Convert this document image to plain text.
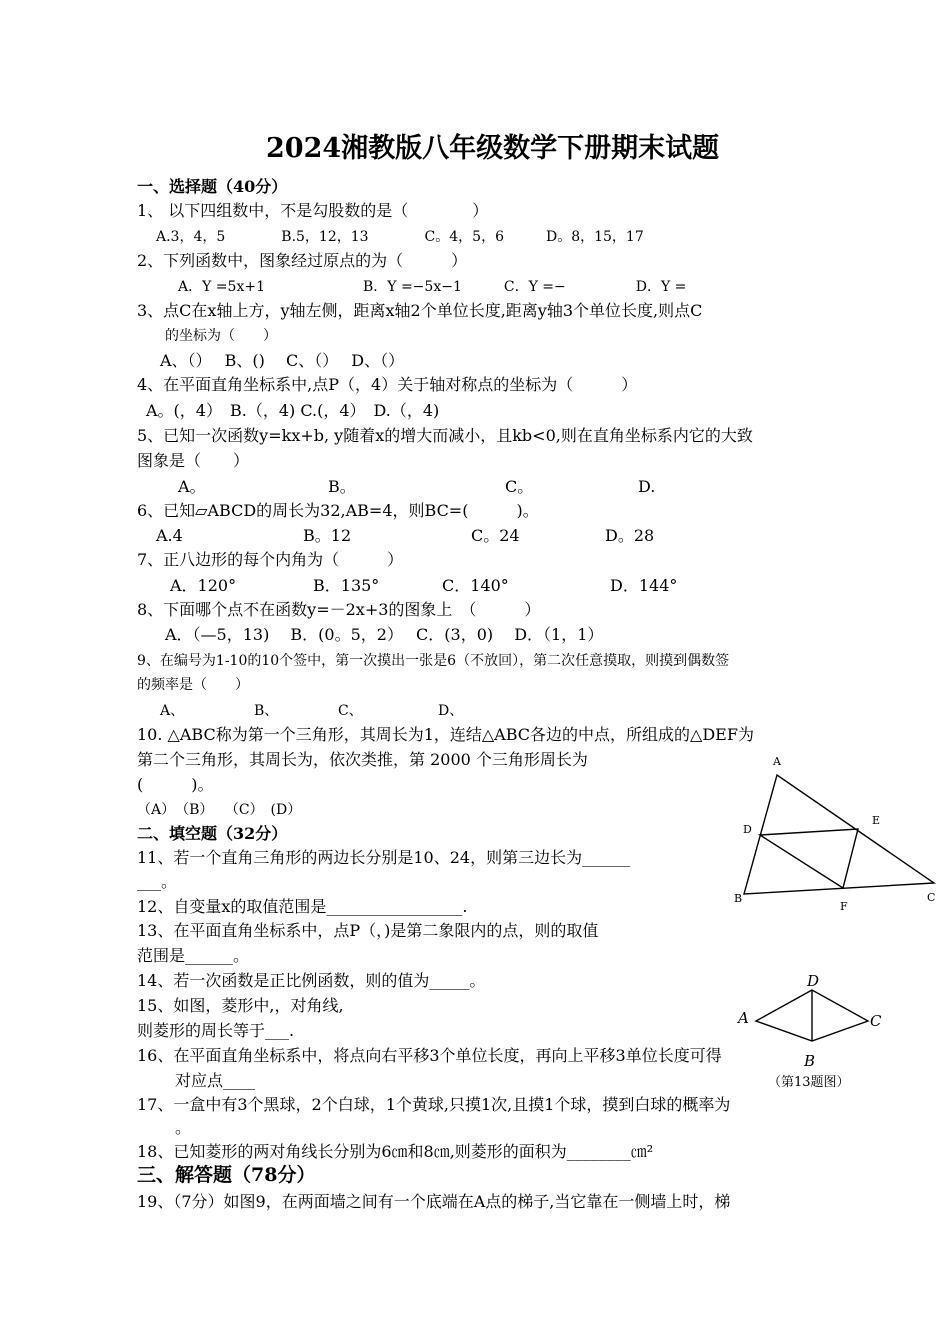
2024湘教版八年级数学下册期末试题
一、选择题（40分）
1、 以下四组数中，不是勾股数的是（　　　　）
A.3，4，5　　　　B.5，12，13　　　　C。4，5，6　　　D。8，15，17
2、下列函数中，图象经过原点的为（　　　）
A．Y =5x+1　　　　　　　B．Y =−5x−1　　　C．Y =−　　　　　D．Y =
3、点C在x轴上方，y轴左侧，距离x轴2个单位长度,距离y轴3个单位长度,则点C
的坐标为（　　）
A、（）　 B、()　 C、（）　 D、（）
4、在平面直角坐标系中,点P（，4）关于轴对称点的坐标为（　　　）
A。(，4）　B.（，4) C.(，4）　D.（，4)
5、已知一次函数y=kx+b, y随着x的增大而减小，且kb<0,则在直角坐标系内它的大致
图象是（　　）
A。	B。	C。	D.
6、已知▱ABCD的周长为32,AB=4，则BC=(　　　)。
A.4	B。12	C。24	D。28
7、正八边形的每个内角为（　　　）
A．120°	B．135°	C．140°	D．144°
8、下面哪个点不在函数y=－2x+3的图象上　（　　　）
A．（—5，13)　 B．(0。5，2）　 C．(3，0)　 D．（1，1）
9、在编号为1-10的10个签中，第一次摸出一张是6（不放回），第二次任意摸取，则摸到偶数签
的频率是（　　）
A、	B、	C、	D、
10. △ABC称为第一个三角形，其周长为1，连结△ABC各边的中点，所组成的△DEF为
第二个三角形，其周长为，依次类推，第 2000 个三角形周长为
(　　　)。
（A）　（B）　 （C）　(D）
二、填空题（32分）
11、若一个直角三角形的两边长分别是10、24，则第三边长为______
___。
12、自变量x的取值范围是_________________.
13、在平面直角坐标系中，点P（，)是第二象限内的点，则的取值
范围是______。
14、若一次函数是正比例函数，则的值为_____。
15、如图，菱形中,，对角线,
则菱形的周长等于___.
16、在平面直角坐标系中，将点向右平移3个单位长度，再向上平移3单位长度可得
对应点____
17、一盒中有3个黑球，2个白球，1个黄球,只摸1次,且摸1个球，摸到白球的概率为
。
18、已知菱形的两对角线长分别为6㎝和8㎝,则菱形的面积为________㎝²
三、解答题（78分）
19、（7分）如图9，在两面墙之间有一个底端在A点的梯子,当它靠在一侧墙上时，梯
A
D
E
B
F
C
D
A	C
B
（第13题图）
